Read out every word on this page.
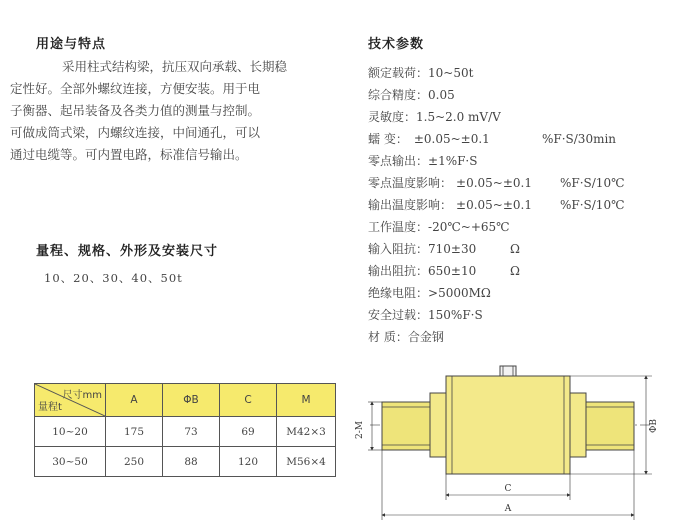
用途与特点
采用柱式结构梁，抗压双向承载、长期稳
定性好。全部外螺纹连接，方便安装。用于电
子衡器、起吊装备及各类力值的测量与控制。
可做成筒式梁，内螺纹连接，中间通孔，可以
通过电缆等。可内置电路，标准信号输出。
量程、规格、外形及安装尺寸
10、20、30、40、50t
技术参数
额定载荷：10~50t
综合精度：0.05
灵敏度：1.5~2.0 mV/V
蠕 变： ±0.05~±0.1	%F·S/30min
零点输出：±1%F·S
零点温度影响： ±0.05~±0.1 %F·S/10℃
输出温度影响： ±0.05~±0.1 %F·S/10℃
工作温度：-20℃~+65℃
输入阻抗：710±30	Ω
输出阻抗：650±10	Ω
绝缘电阻：>5000MΩ
安全过载：150%F·S
材 质：合金钢
尺寸mm
量程t	A	ΦB	C	M
10~20	175	73	69	M42×3
30~50	250	88	120	M56×4
2-M	ΦB
C
A
